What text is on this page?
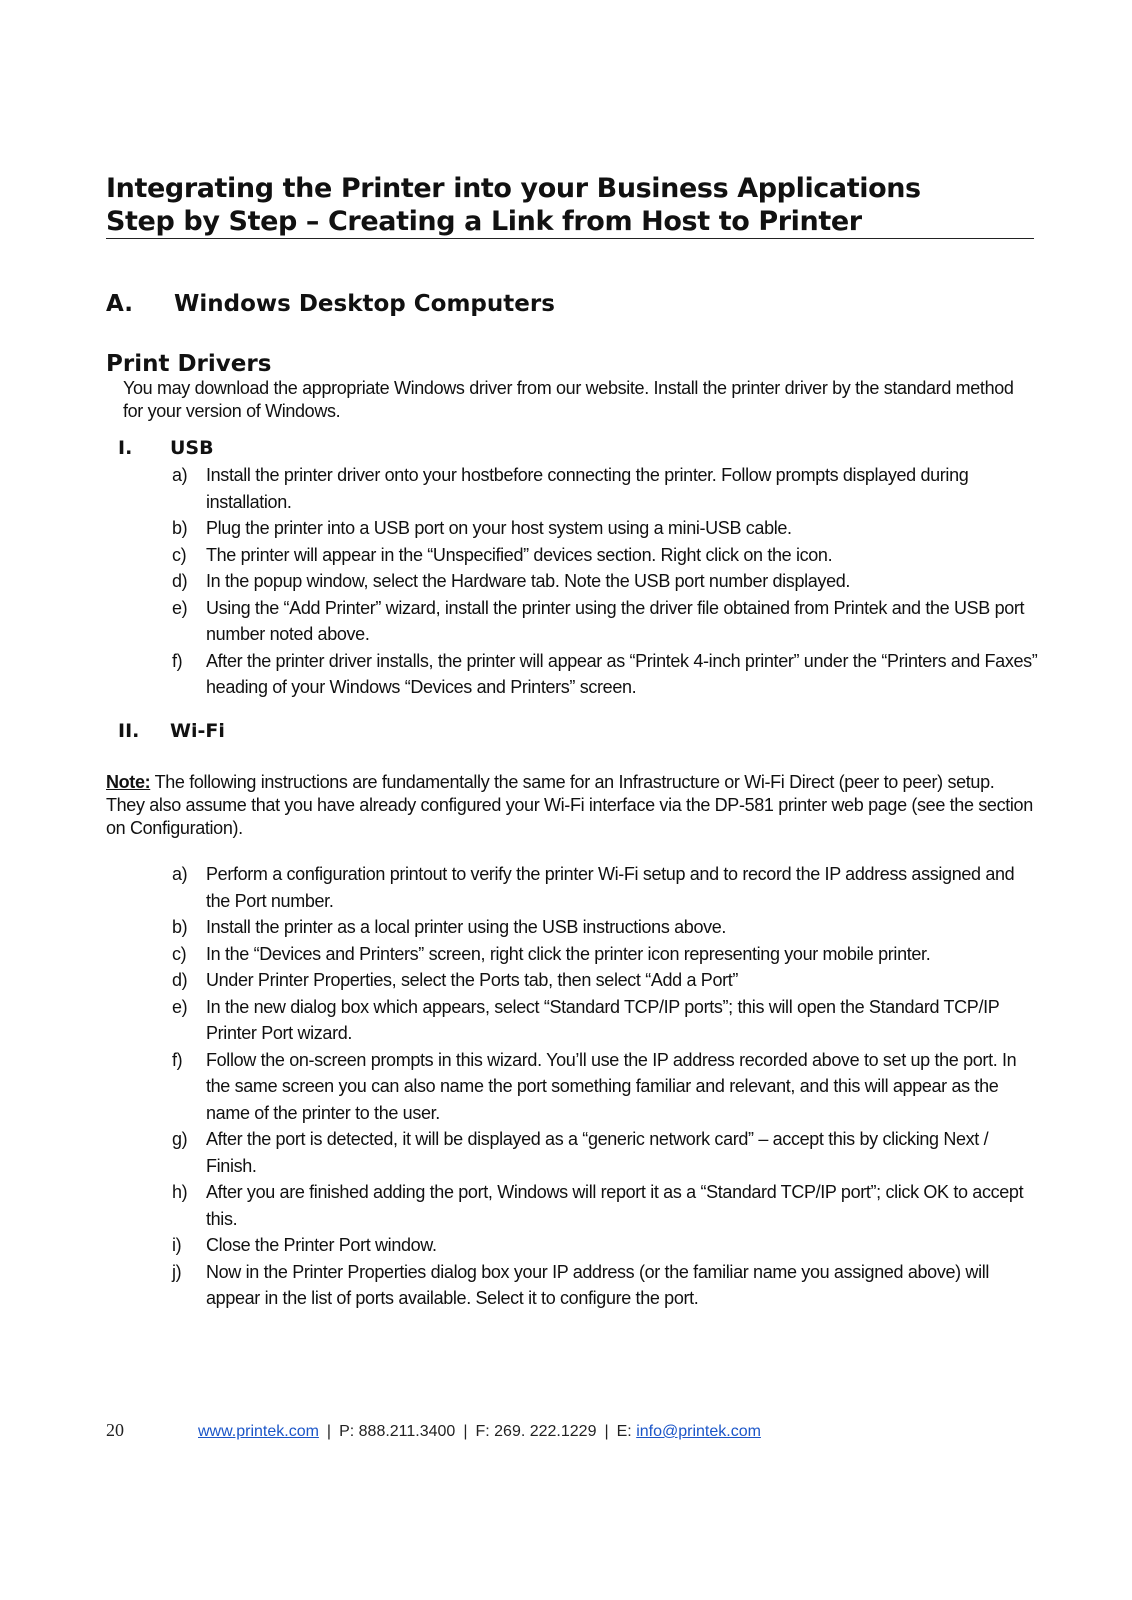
Integrating the Printer into your Business Applications
Step by Step – Creating a Link from Host to Printer
A. Windows Desktop Computers
Print Drivers
You may download the appropriate Windows driver from our website. Install the printer driver by the standard method for your version of Windows.
I. USB
a) Install the printer driver onto your hostbefore connecting the printer. Follow prompts displayed during installation.
b) Plug the printer into a USB port on your host system using a mini-USB cable.
c) The printer will appear in the “Unspecified” devices section. Right click on the icon.
d) In the popup window, select the Hardware tab. Note the USB port number displayed.
e) Using the “Add Printer” wizard, install the printer using the driver file obtained from Printek and the USB port number noted above.
f) After the printer driver installs, the printer will appear as “Printek 4-inch printer” under the “Printers and Faxes” heading of your Windows “Devices and Printers” screen.
II. Wi-Fi
Note: The following instructions are fundamentally the same for an Infrastructure or Wi-Fi Direct (peer to peer) setup. They also assume that you have already configured your Wi-Fi interface via the DP-581 printer web page (see the section on Configuration).
a) Perform a configuration printout to verify the printer Wi-Fi setup and to record the IP address assigned and the Port number.
b) Install the printer as a local printer using the USB instructions above.
c) In the “Devices and Printers” screen, right click the printer icon representing your mobile printer.
d) Under Printer Properties, select the Ports tab, then select “Add a Port”
e) In the new dialog box which appears, select “Standard TCP/IP ports”; this will open the Standard TCP/IP Printer Port wizard.
f) Follow the on-screen prompts in this wizard. You’ll use the IP address recorded above to set up the port. In the same screen you can also name the port something familiar and relevant, and this will appear as the name of the printer to the user.
g) After the port is detected, it will be displayed as a “generic network card” – accept this by clicking Next / Finish.
h) After you are finished adding the port, Windows will report it as a “Standard TCP/IP port”; click OK to accept this.
i) Close the Printer Port window.
j) Now in the Printer Properties dialog box your IP address (or the familiar name you assigned above) will appear in the list of ports available. Select it to configure the port.
20	www.printek.com | P: 888.211.3400 | F: 269. 222.1229 | E: info@printek.com
